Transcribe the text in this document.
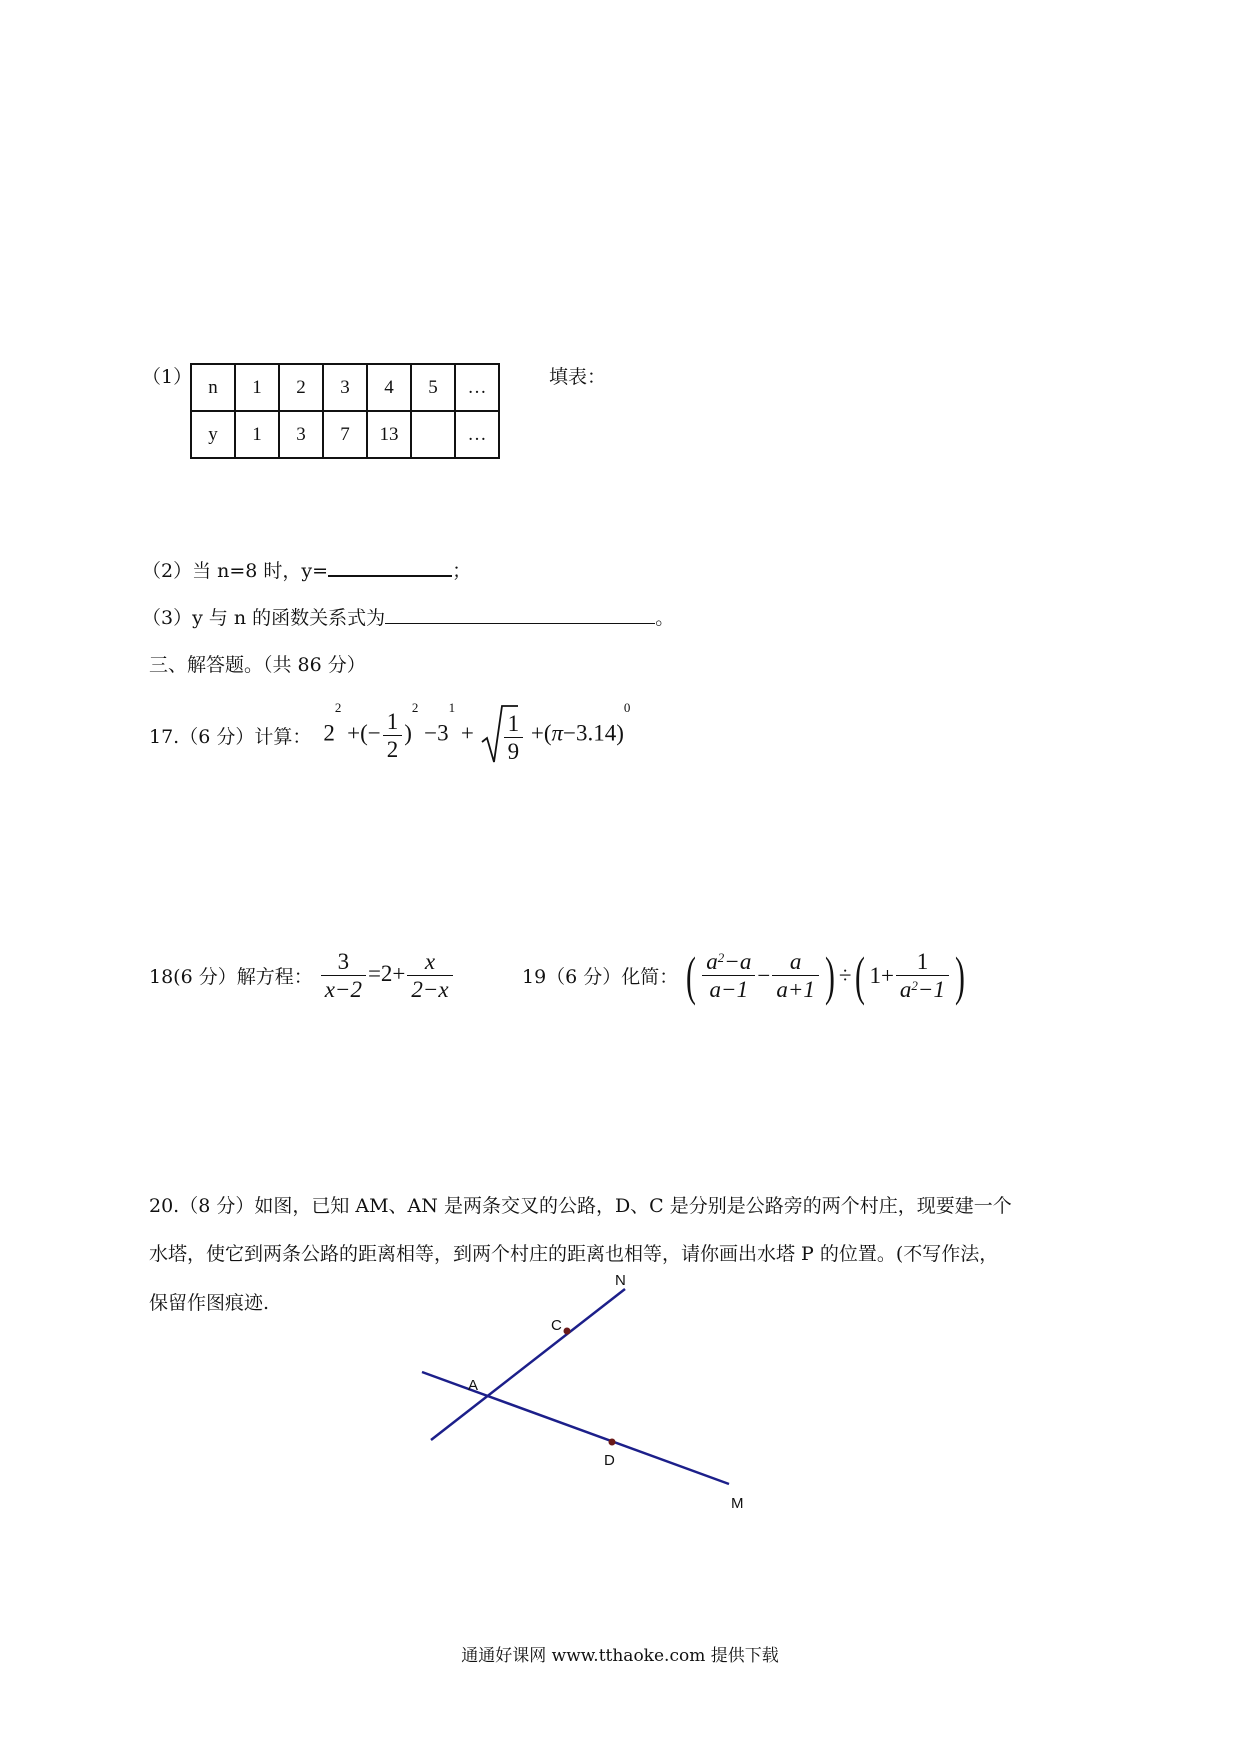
（1） n	1	2	3	4	5	…
y	1	3	7	13		…
填表：
（2）当 n=8 时，y=	；
（3）y 与 n 的函数关系式为	。
三、解答题。（共 86 分）
17.（6 分）计算： $2^2$ +(− $\frac{1}{2} )^2 -3^1 + \frac{1}{9} +(\pi-3.14)^0$
18(6 分）解方程： $\frac{3}{x-2} =2+ \frac{x}{2-x}$	19（6 分）化简： ( $\frac{a^2-a}{a-1} - \frac{a}{a+1}$ ) ÷ ( $1+ \frac{1}{a^2-1}$ )
20.（8 分）如图，已知 AM、AN 是两条交叉的公路，D、C 是分别是公路旁的两个村庄，现要建一个
水塔，使它到两条公路的距离相等，到两个村庄的距离也相等，请你画出水塔 P 的位置。(不写作法，
保留作图痕迹.
N
C
A
D
M
通通好课网 www.tthaoke.com 提供下载
